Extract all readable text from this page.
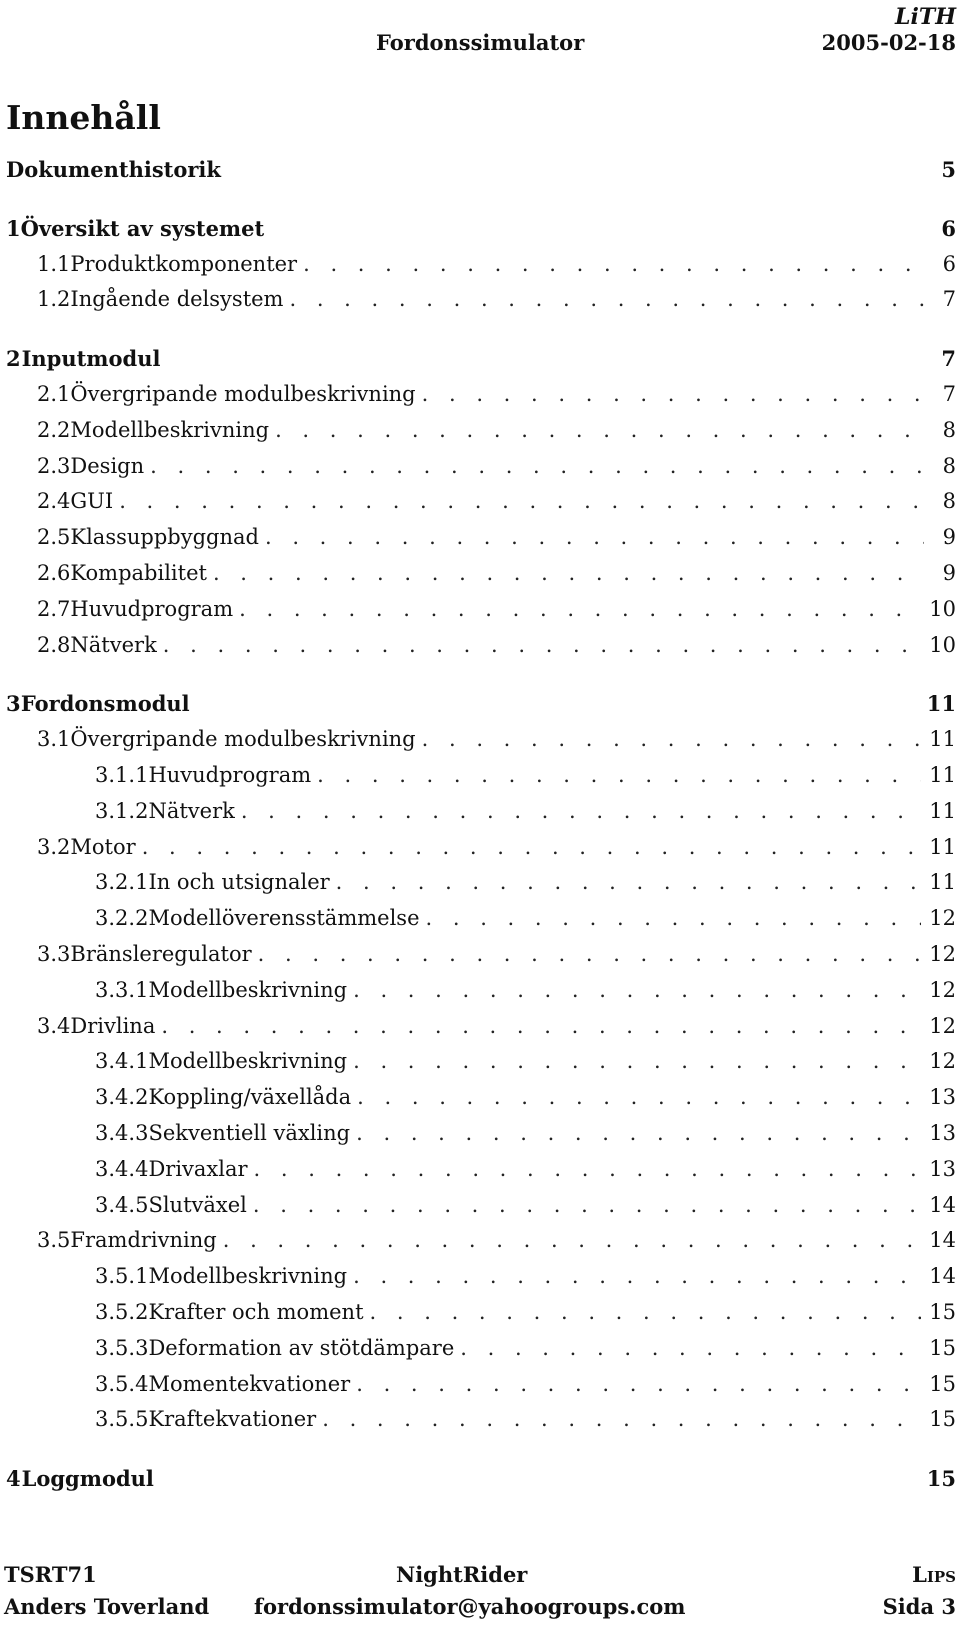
LiTH
Fordonssimulator	2005-02-18
Innehåll
Dokumenthistorik	5
1 Översikt av systemet	6
1.1 Produktkomponenter . . .	6
1.2 Ingående delsystem . . .	7
2 Inputmodul	7
2.1 Övergripande modulbeskrivning . . .	7
2.2 Modellbeskrivning . . .	8
2.3 Design . . .	8
2.4 GUI . . .	8
2.5 Klassuppbyggnad . . .	9
2.6 Kompabilitet . . .	9
2.7 Huvudprogram . . .	10
2.8 Nätverk . . .	10
3 Fordonsmodul	11
3.1 Övergripande modulbeskrivning . . .	11
3.1.1 Huvudprogram . . .	11
3.1.2 Nätverk . . .	11
3.2 Motor . . .	11
3.2.1 In och utsignaler . . .	11
3.2.2 Modellöverensstämmelse . . .	12
3.3 Bränsleregulator . . .	12
3.3.1 Modellbeskrivning . . .	12
3.4 Drivlina . . .	12
3.4.1 Modellbeskrivning . . .	12
3.4.2 Koppling/växellåda . . .	13
3.4.3 Sekventiell växling . . .	13
3.4.4 Drivaxlar . . .	13
3.4.5 Slutväxel . . .	14
3.5 Framdrivning . . .	14
3.5.1 Modellbeskrivning . . .	14
3.5.2 Krafter och moment . . .	15
3.5.3 Deformation av stötdämpare . . .	15
3.5.4 Momentekvationer . . .	15
3.5.5 Kraftekvationer . . .	15
4 Loggmodul	15
TSRT71	NightRider	Lips
Anders Toverland fordonssimulator@yahoogroups.com	Sida 3
